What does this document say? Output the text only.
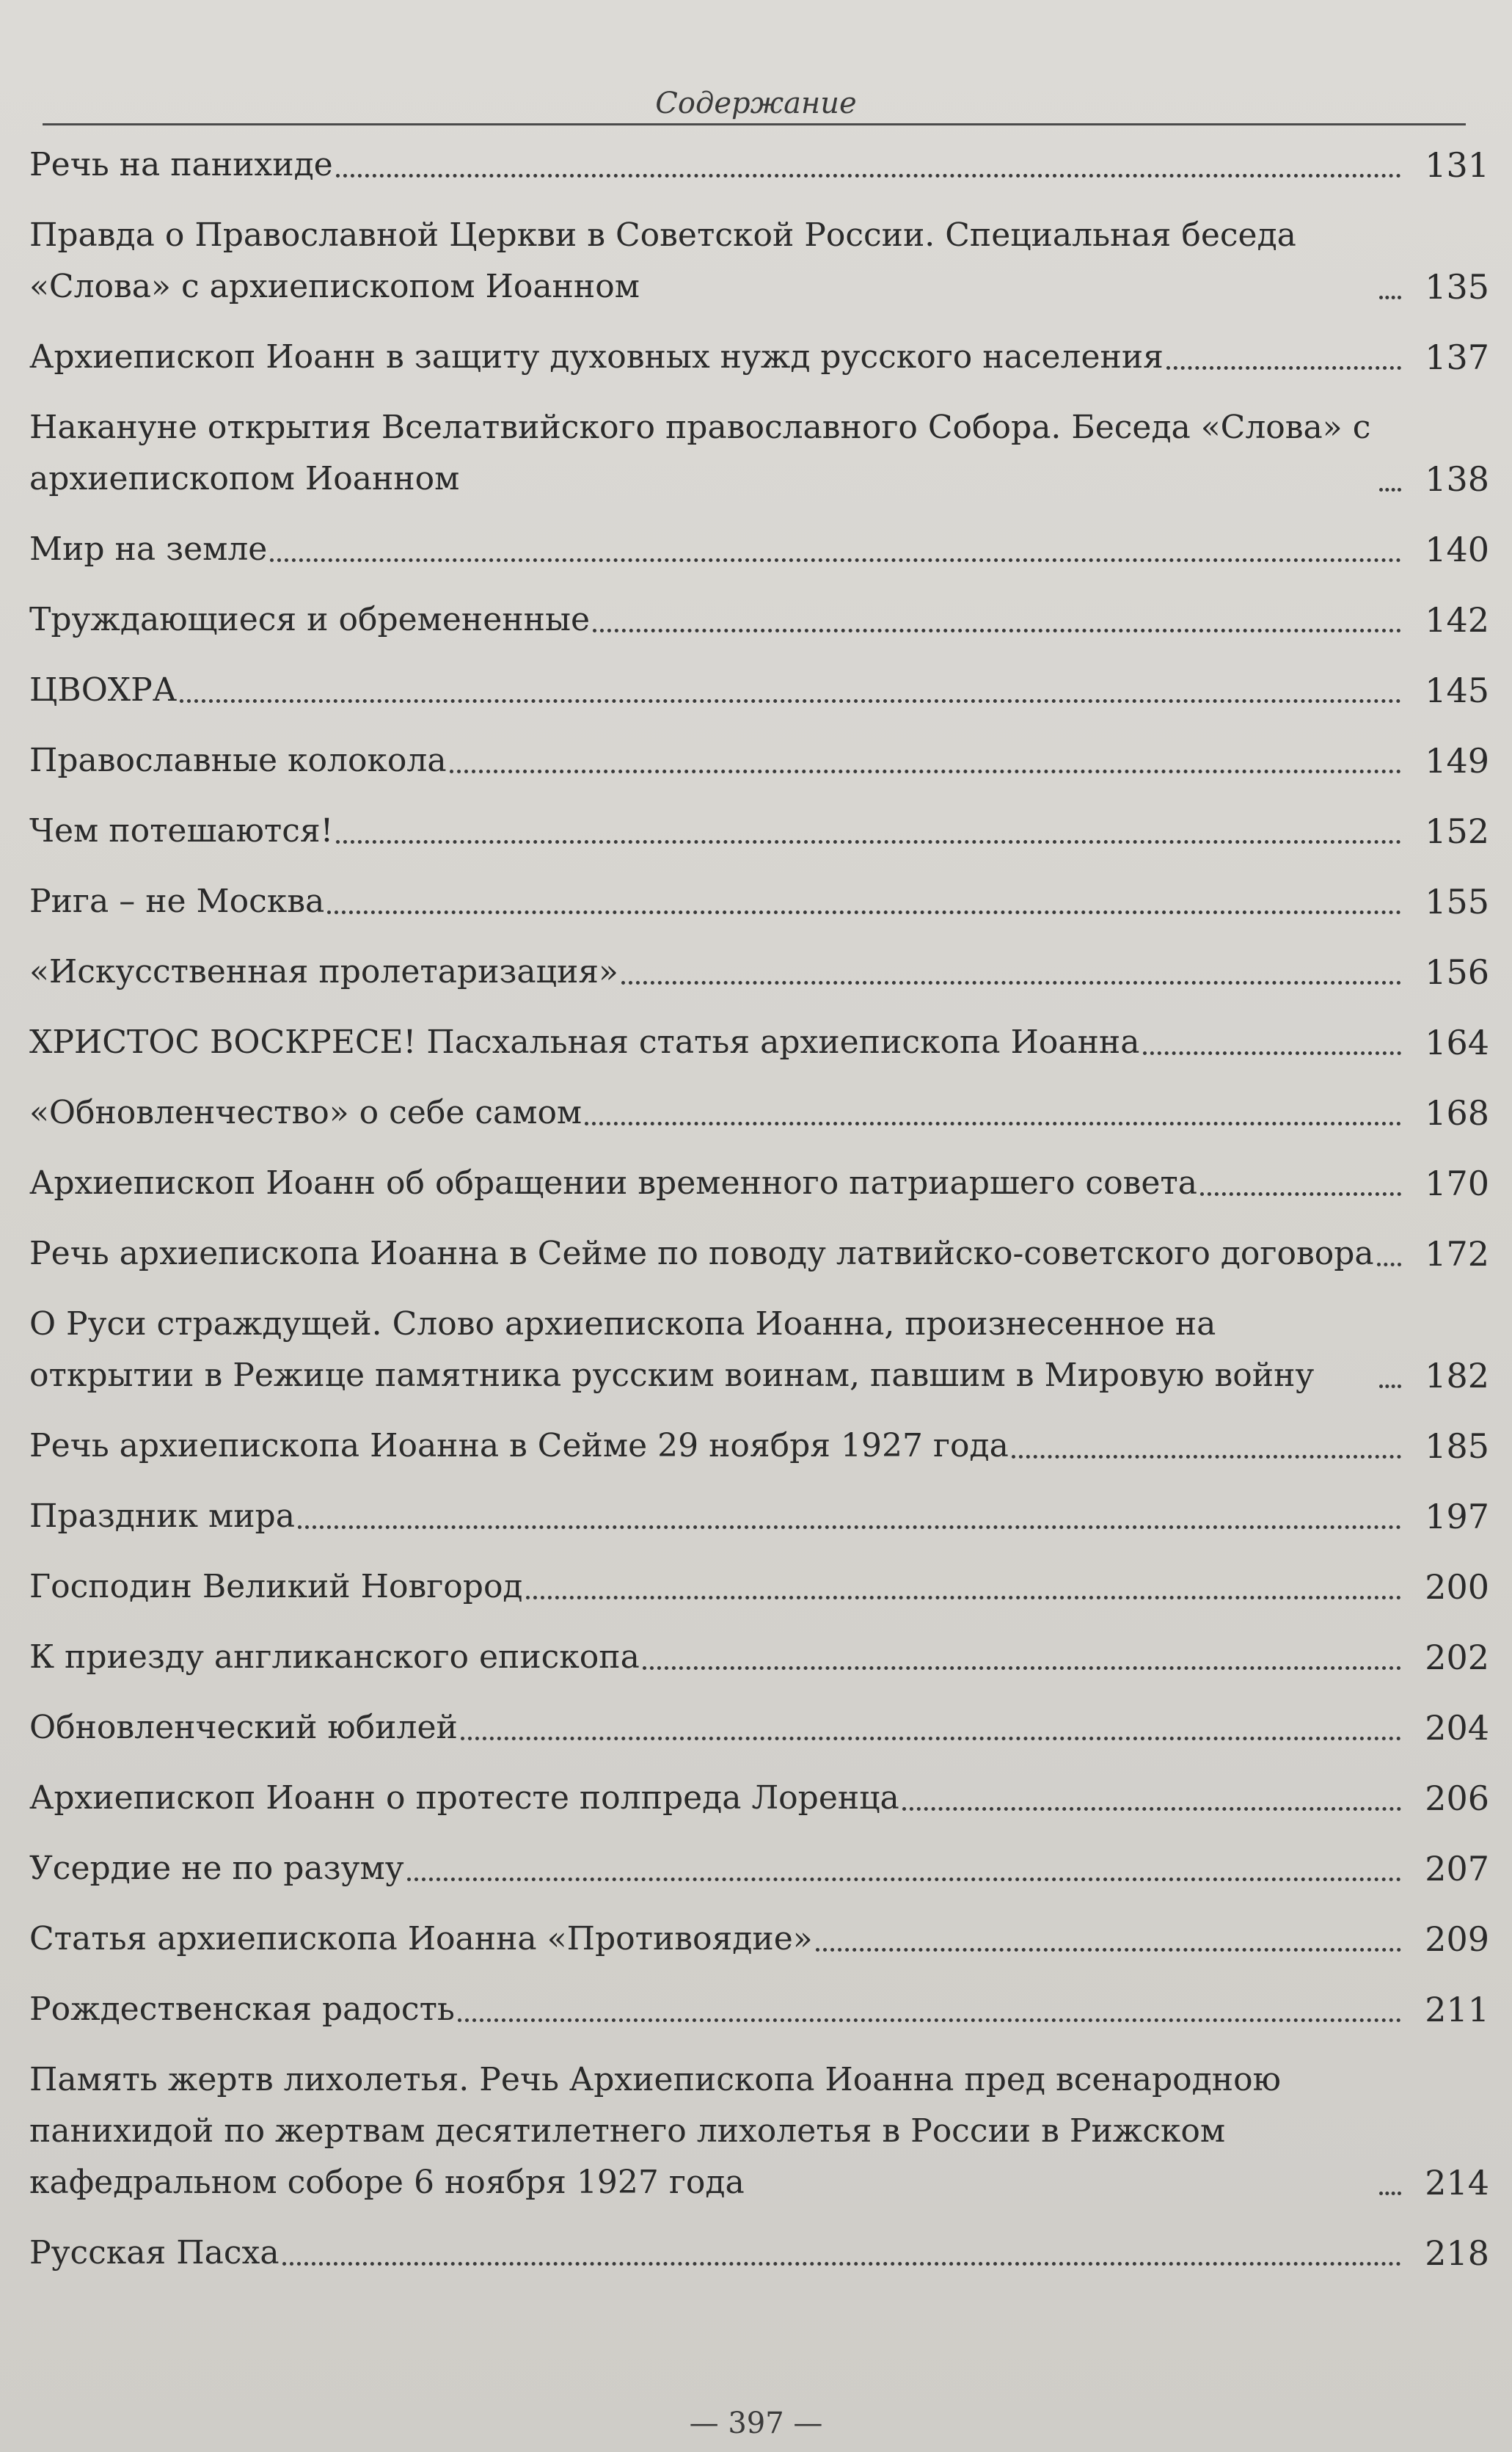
Содержание
Речь на панихиде	131
Правда о Православной Церкви в Советской России. Специальная беседа «Слова» с архиепископом Иоанном	135
Архиепископ Иоанн в защиту духовных нужд русского населения	137
Накануне открытия Вселатвийского православного Собора. Беседа «Слова» с архиепископом Иоанном	138
Мир на земле	140
Труждающиеся и обремененные	142
ЦВОХРА	145
Православные колокола	149
Чем потешаются!	152
Рига – не Москва	155
«Искусственная пролетаризация»	156
ХРИСТОС ВОСКРЕСЕ! Пасхальная статья архиепископа Иоанна	164
«Обновленчество» о себе самом	168
Архиепископ Иоанн об обращении временного патриаршего совета	170
Речь архиепископа Иоанна в Сейме по поводу латвийско-советского договора	172
О Руси страждущей. Слово архиепископа Иоанна, произнесенное на открытии в Режице памятника русским воинам, павшим в Мировую войну	182
Речь архиепископа Иоанна в Сейме 29 ноября 1927 года	185
Праздник мира	197
Господин Великий Новгород	200
К приезду англиканского епископа	202
Обновленческий юбилей	204
Архиепископ Иоанн о протесте полпреда Лоренца	206
Усердие не по разуму	207
Статья архиепископа Иоанна «Противоядие»	209
Рождественская радость	211
Память жертв лихолетья. Речь Архиепископа Иоанна пред всенародною панихидой по жертвам десятилетнего лихолетья в России в Рижском кафедральном соборе 6 ноября 1927 года	214
Русская Пасха	218
— 397 —
